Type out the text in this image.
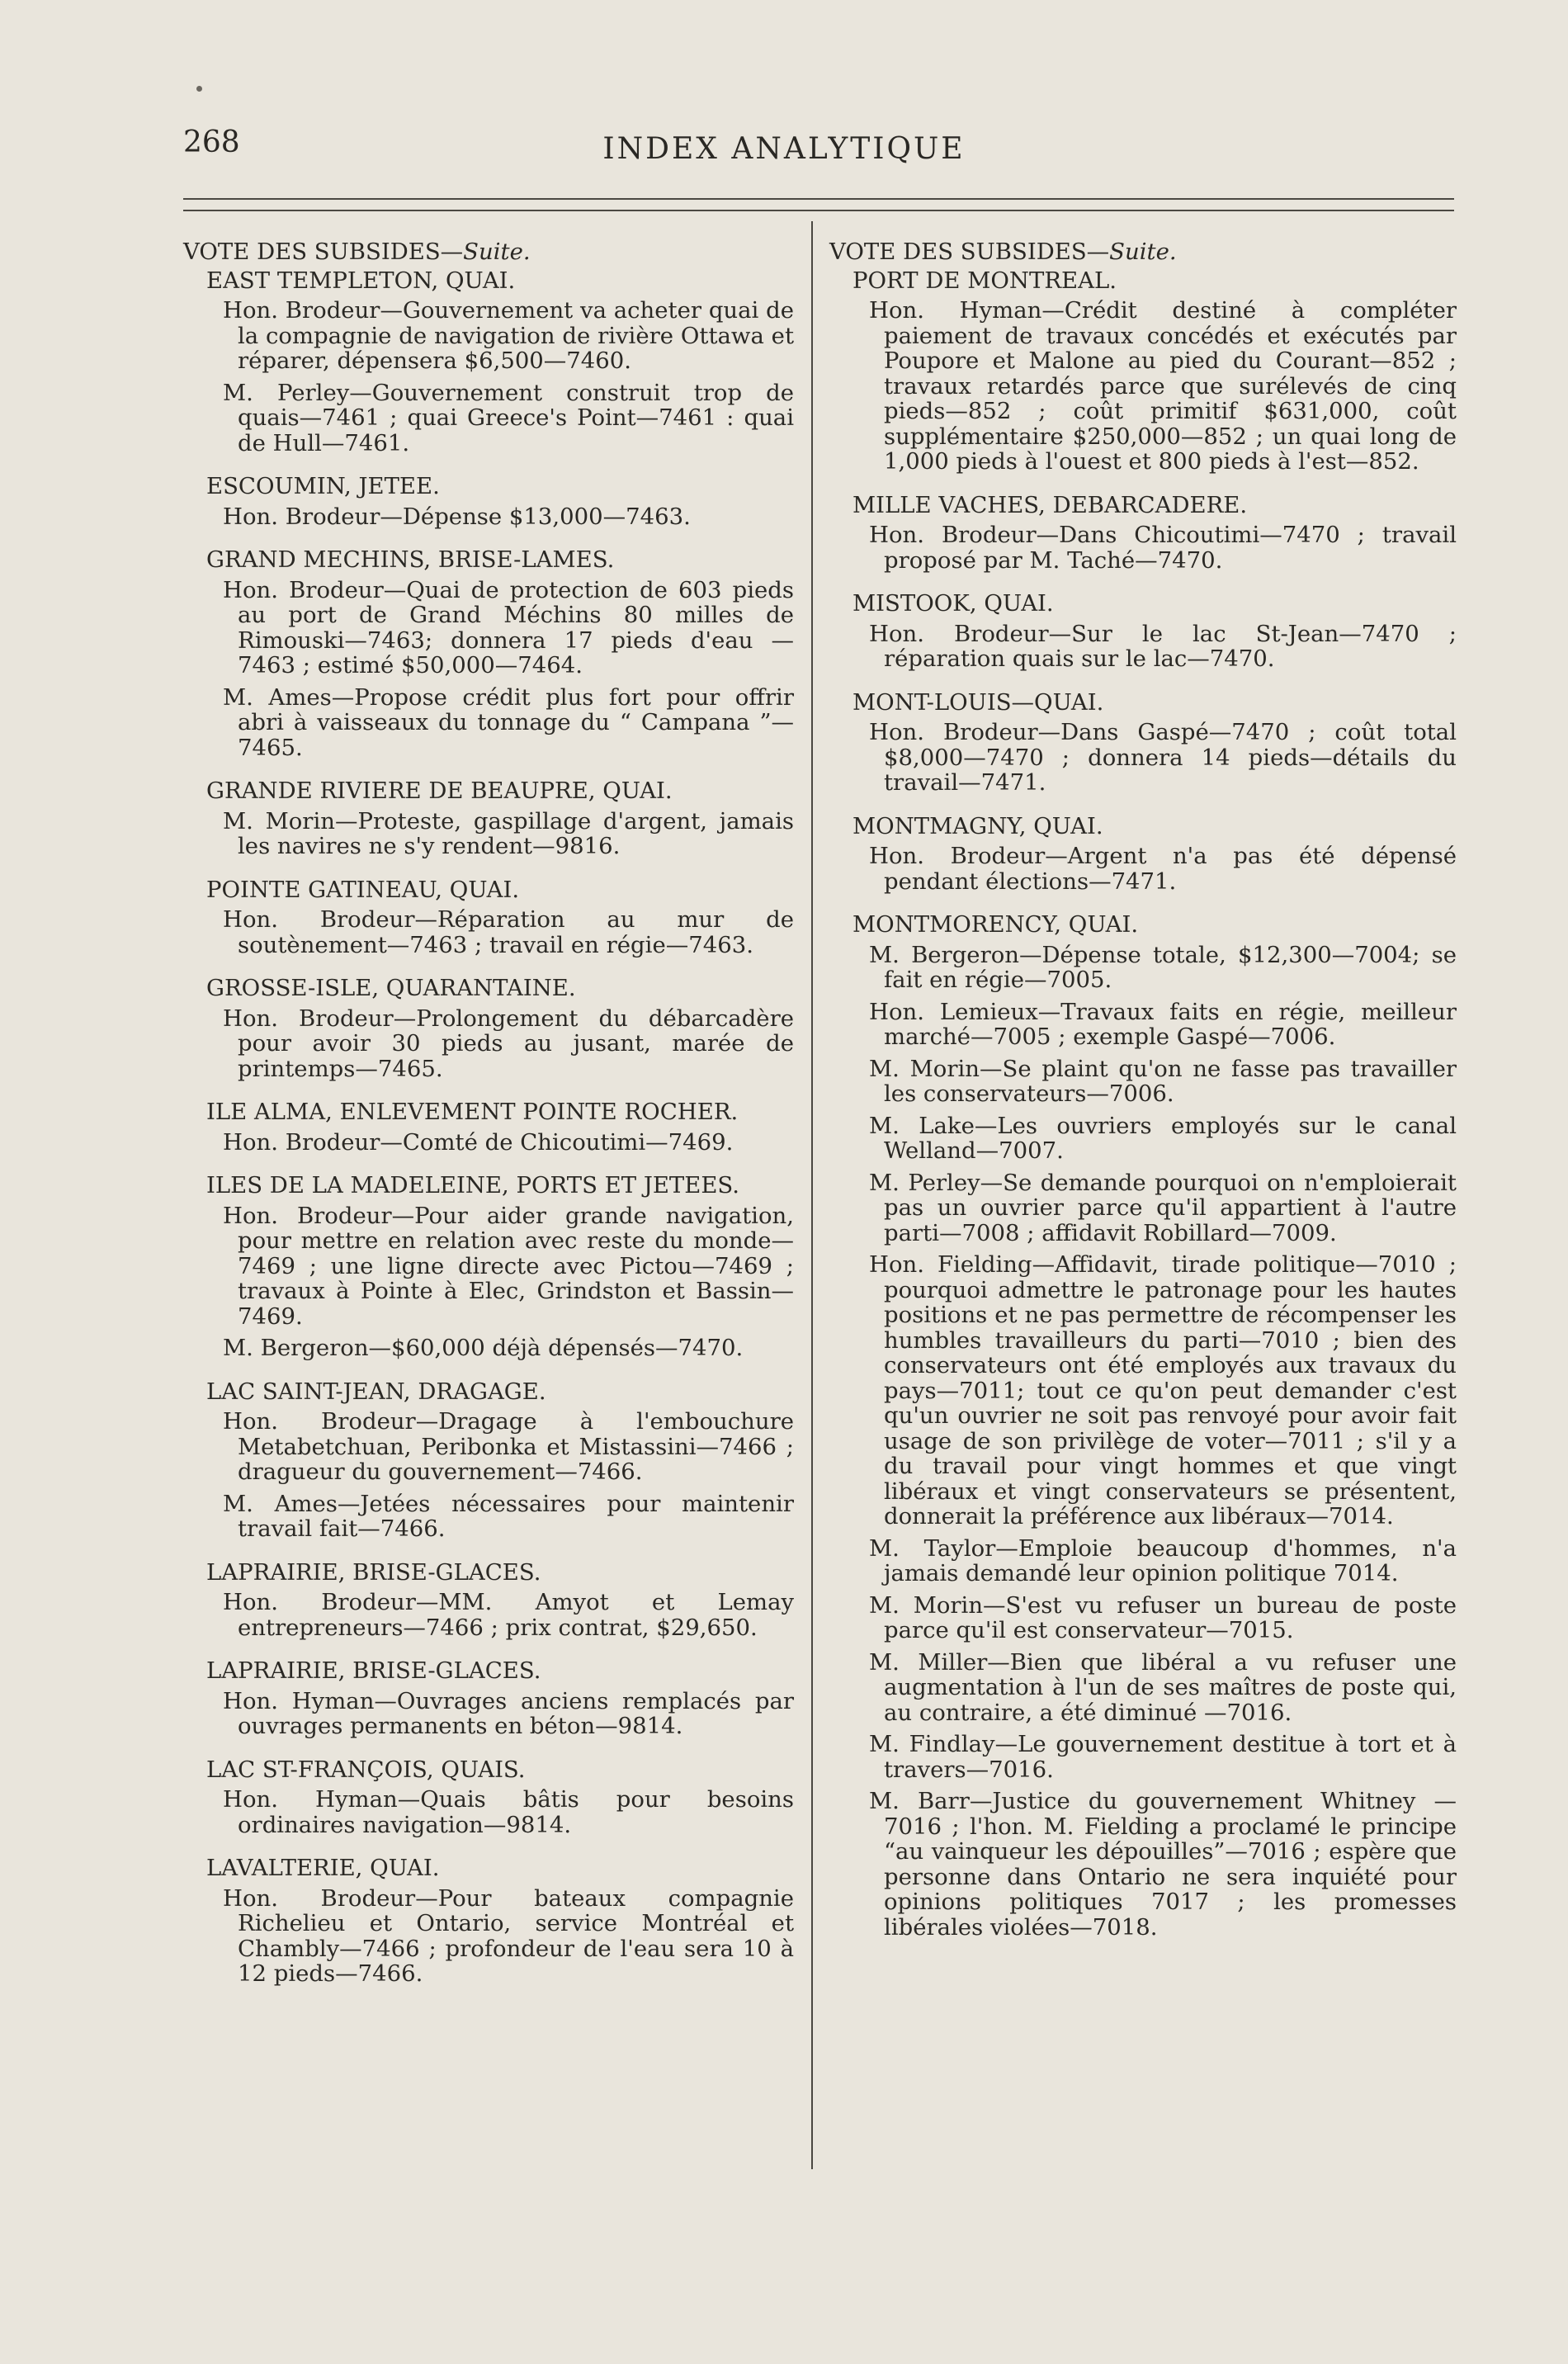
268	INDEX ANALYTIQUE
VOTE DES SUBSIDES—Suite.
EAST TEMPLETON, QUAI.
Hon. Brodeur—Gouvernement va acheter quai de la compagnie de navigation de rivière Ottawa et réparer, dépensera $6,500—7460.
M. Perley—Gouvernement construit trop de quais—7461 ; quai Greece's Point—7461 : quai de Hull—7461.
ESCOUMIN, JETEE.
Hon. Brodeur—Dépense $13,000—7463.
GRAND MECHINS, BRISE-LAMES.
Hon. Brodeur—Quai de protection de 603 pieds au port de Grand Méchins 80 milles de Rimouski—7463; donnera 17 pieds d'eau —7463 ; estimé $50,000—7464.
M. Ames—Propose crédit plus fort pour offrir abri à vaisseaux du tonnage du “ Campana ”—7465.
GRANDE RIVIERE DE BEAUPRE, QUAI.
M. Morin—Proteste, gaspillage d'argent, jamais les navires ne s'y rendent—9816.
POINTE GATINEAU, QUAI.
Hon. Brodeur—Réparation au mur de soutènement—7463 ; travail en régie—7463.
GROSSE-ISLE, QUARANTAINE.
Hon. Brodeur—Prolongement du débarcadère pour avoir 30 pieds au jusant, marée de printemps—7465.
ILE ALMA, ENLEVEMENT POINTE ROCHER.
Hon. Brodeur—Comté de Chicoutimi—7469.
ILES DE LA MADELEINE, PORTS ET JETEES.
Hon. Brodeur—Pour aider grande navigation, pour mettre en relation avec reste du monde—7469 ; une ligne directe avec Pictou—7469 ; travaux à Pointe à Elec, Grindston et Bassin—7469.
M. Bergeron—$60,000 déjà dépensés—7470.
LAC SAINT-JEAN, DRAGAGE.
Hon. Brodeur—Dragage à l'embouchure Metabetchuan, Peribonka et Mistassini—7466 ; dragueur du gouvernement—7466.
M. Ames—Jetées nécessaires pour maintenir travail fait—7466.
LAPRAIRIE, BRISE-GLACES.
Hon. Brodeur—MM. Amyot et Lemay entrepreneurs—7466 ; prix contrat, $29,650.
LAPRAIRIE, BRISE-GLACES.
Hon. Hyman—Ouvrages anciens remplacés par ouvrages permanents en béton—9814.
LAC ST-FRANÇOIS, QUAIS.
Hon. Hyman—Quais bâtis pour besoins ordinaires navigation—9814.
LAVALTERIE, QUAI.
Hon. Brodeur—Pour bateaux compagnie Richelieu et Ontario, service Montréal et Chambly—7466 ; profondeur de l'eau sera 10 à 12 pieds—7466.
VOTE DES SUBSIDES—Suite.
PORT DE MONTREAL.
Hon. Hyman—Crédit destiné à compléter paiement de travaux concédés et exécutés par Poupore et Malone au pied du Courant—852 ; travaux retardés parce que surélevés de cinq pieds—852 ; coût primitif $631,000, coût supplémentaire $250,000—852 ; un quai long de 1,000 pieds à l'ouest et 800 pieds à l'est—852.
MILLE VACHES, DEBARCADERE.
Hon. Brodeur—Dans Chicoutimi—7470 ; travail proposé par M. Taché—7470.
MISTOOK, QUAI.
Hon. Brodeur—Sur le lac St-Jean—7470 ; réparation quais sur le lac—7470.
MONT-LOUIS—QUAI.
Hon. Brodeur—Dans Gaspé—7470 ; coût total $8,000—7470 ; donnera 14 pieds—détails du travail—7471.
MONTMAGNY, QUAI.
Hon. Brodeur—Argent n'a pas été dépensé pendant élections—7471.
MONTMORENCY, QUAI.
M. Bergeron—Dépense totale, $12,300—7004; se fait en régie—7005.
Hon. Lemieux—Travaux faits en régie, meilleur marché—7005 ; exemple Gaspé—7006.
M. Morin—Se plaint qu'on ne fasse pas travailler les conservateurs—7006.
M. Lake—Les ouvriers employés sur le canal Welland—7007.
M. Perley—Se demande pourquoi on n'emploierait pas un ouvrier parce qu'il appartient à l'autre parti—7008 ; affidavit Robillard—7009.
Hon. Fielding—Affidavit, tirade politique—7010 ; pourquoi admettre le patronage pour les hautes positions et ne pas permettre de récompenser les humbles travailleurs du parti—7010 ; bien des conservateurs ont été employés aux travaux du pays—7011; tout ce qu'on peut demander c'est qu'un ouvrier ne soit pas renvoyé pour avoir fait usage de son privilège de voter—7011 ; s'il y a du travail pour vingt hommes et que vingt libéraux et vingt conservateurs se présentent, donnerait la préférence aux libéraux—7014.
M. Taylor—Emploie beaucoup d'hommes, n'a jamais demandé leur opinion politique 7014.
M. Morin—S'est vu refuser un bureau de poste parce qu'il est conservateur—7015.
M. Miller—Bien que libéral a vu refuser une augmentation à l'un de ses maîtres de poste qui, au contraire, a été diminué —7016.
M. Findlay—Le gouvernement destitue à tort et à travers—7016.
M. Barr—Justice du gouvernement Whitney —7016 ; l'hon. M. Fielding a proclamé le principe “au vainqueur les dépouilles”—7016 ; espère que personne dans Ontario ne sera inquiété pour opinions politiques 7017 ; les promesses libérales violées—7018.
